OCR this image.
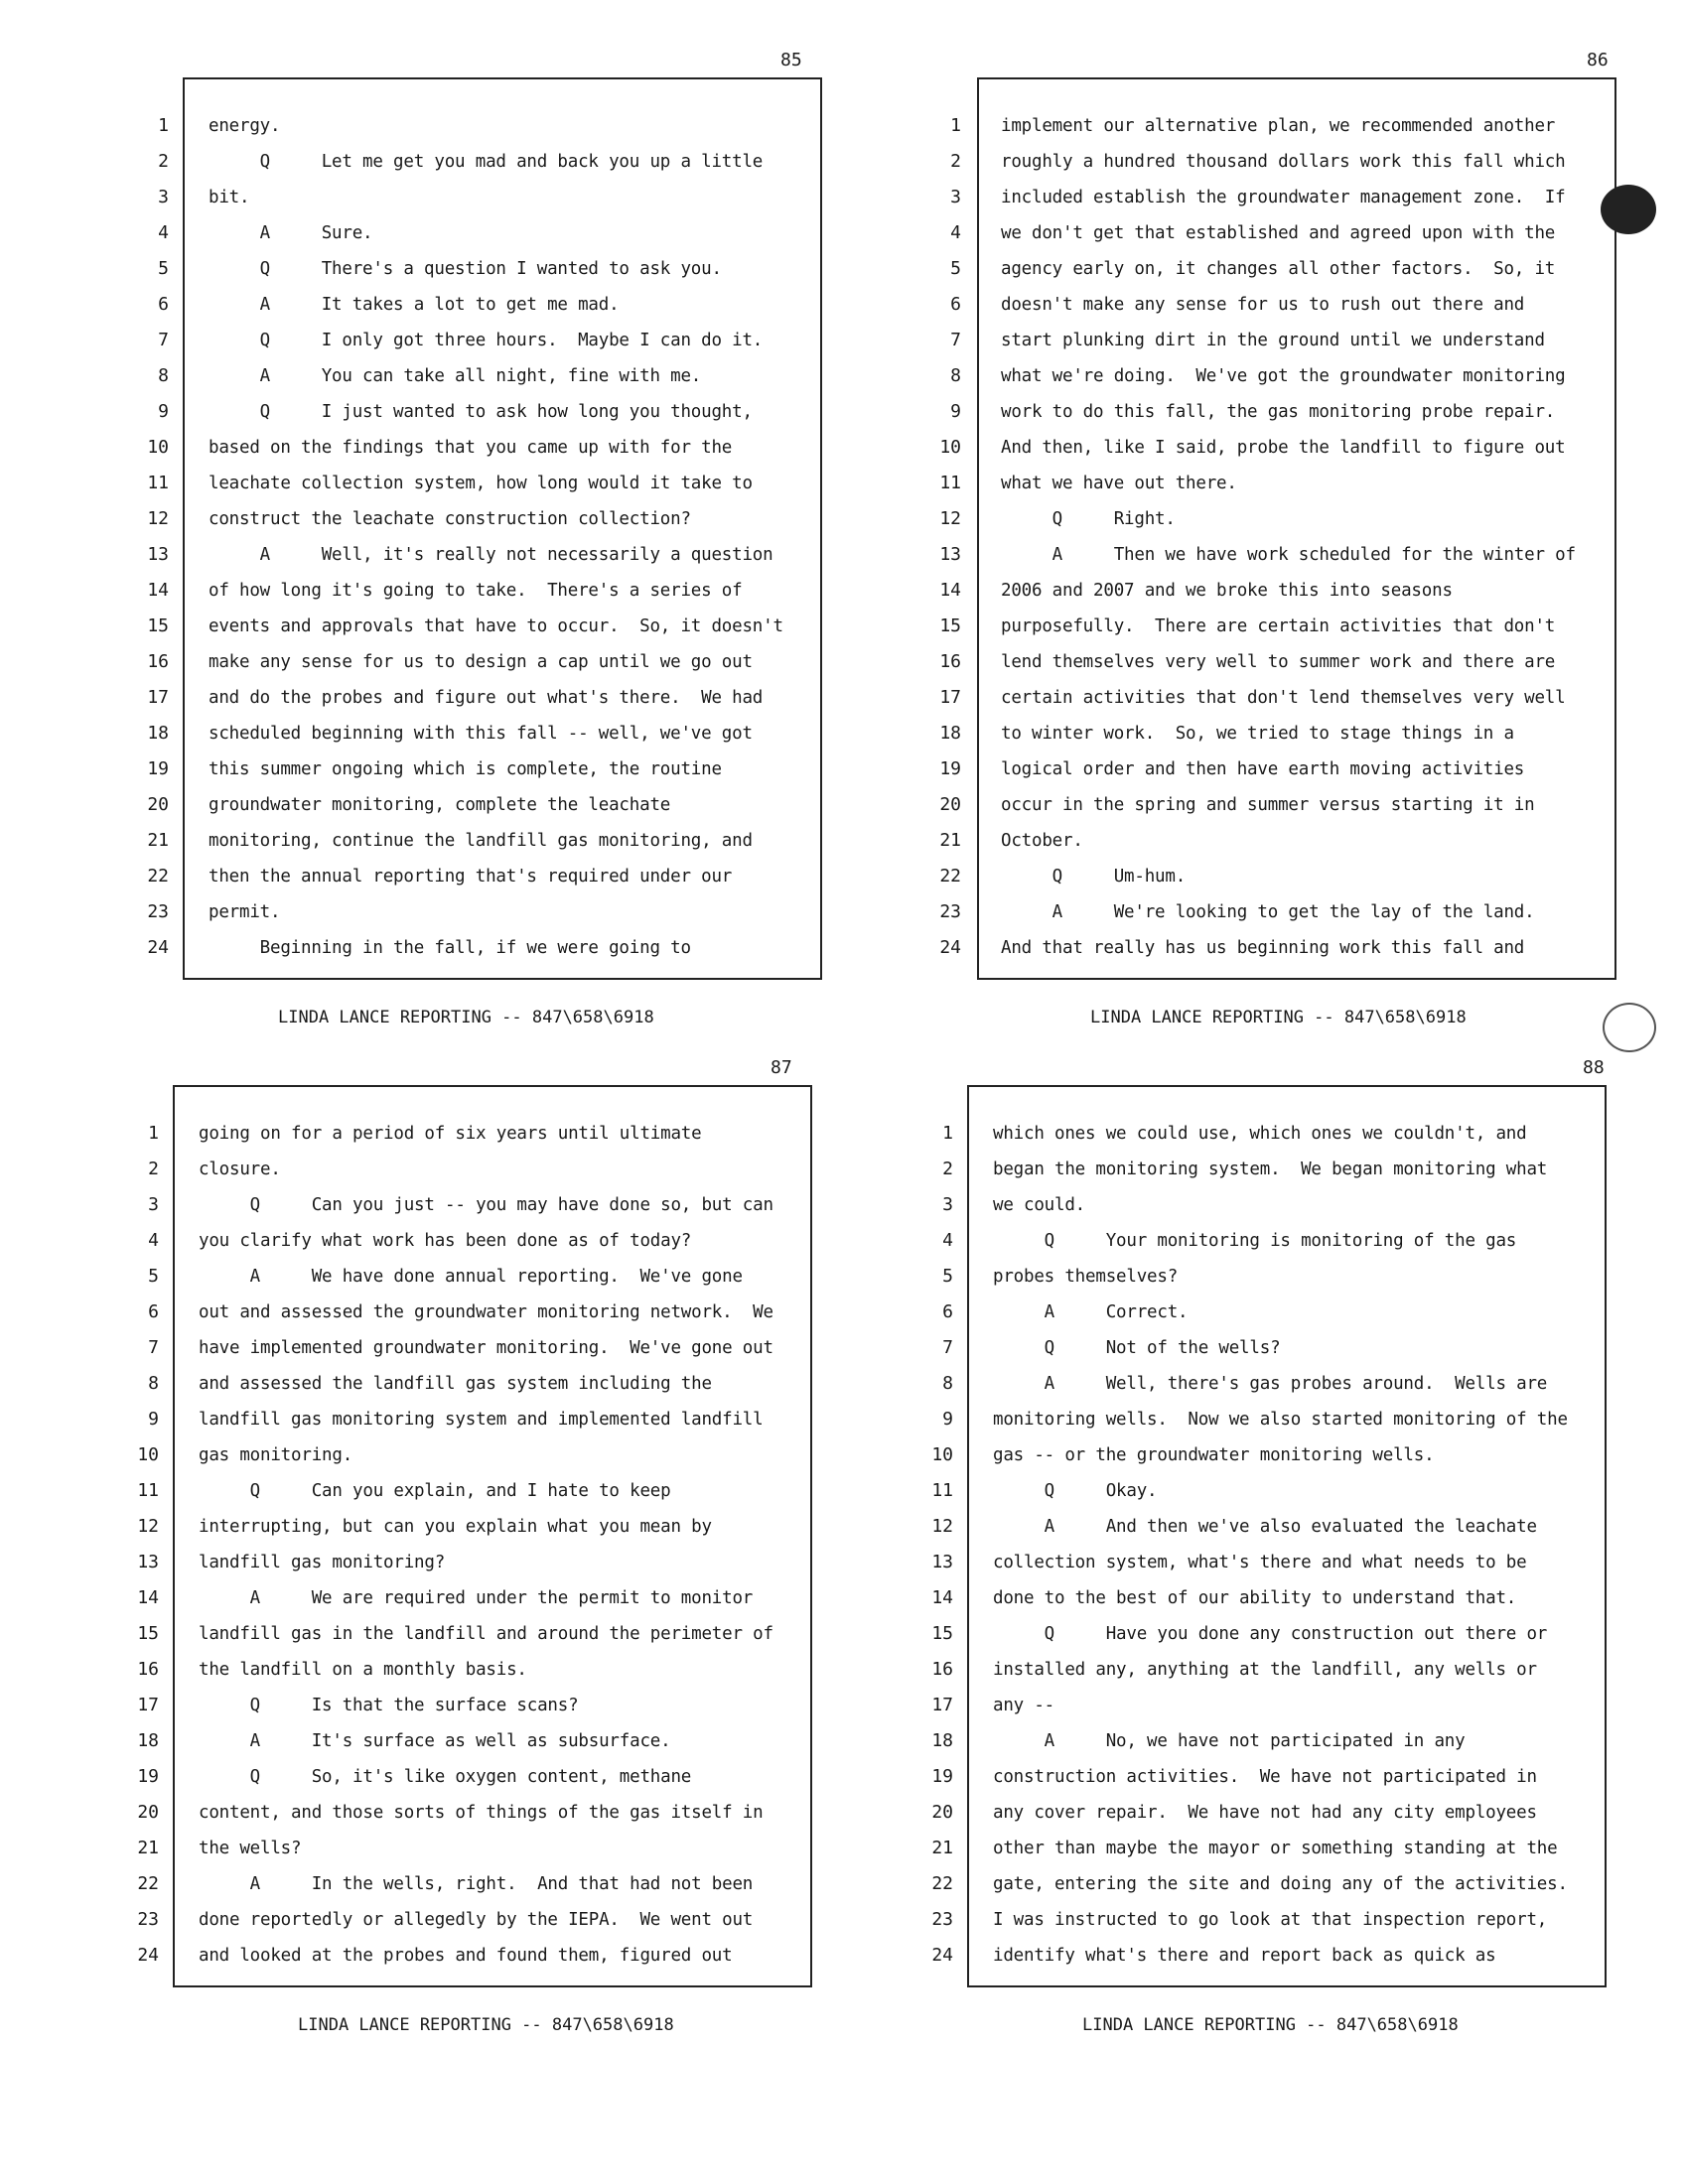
85
1 energy.
2 Q     Let me get you mad and back you up a little
3 bit.
4 A     Sure.
5 Q     There's a question I wanted to ask you.
6 A     It takes a lot to get me mad.
7 Q     I only got three hours.  Maybe I can do it.
8 A     You can take all night, fine with me.
9 Q     I just wanted to ask how long you thought,
10 based on the findings that you came up with for the
11 leachate collection system, how long would it take to
12 construct the leachate construction collection?
13 A     Well, it's really not necessarily a question
14 of how long it's going to take.  There's a series of
15 events and approvals that have to occur.  So, it doesn't
16 make any sense for us to design a cap until we go out
17 and do the probes and figure out what's there.  We had
18 scheduled beginning with this fall -- well, we've got
19 this summer ongoing which is complete, the routine
20 groundwater monitoring, complete the leachate
21 monitoring, continue the landfill gas monitoring, and
22 then the annual reporting that's required under our
23 permit.
24 Beginning in the fall, if we were going to
LINDA LANCE REPORTING -- 847\658\6918
86
1 implement our alternative plan, we recommended another
2 roughly a hundred thousand dollars work this fall which
3 included establish the groundwater management zone.  If
4 we don't get that established and agreed upon with the
5 agency early on, it changes all other factors.  So, it
6 doesn't make any sense for us to rush out there and
7 start plunking dirt in the ground until we understand
8 what we're doing.  We've got the groundwater monitoring
9 work to do this fall, the gas monitoring probe repair.
10 And then, like I said, probe the landfill to figure out
11 what we have out there.
12 Q     Right.
13 A     Then we have work scheduled for the winter of
14 2006 and 2007 and we broke this into seasons
15 purposefully.  There are certain activities that don't
16 lend themselves very well to summer work and there are
17 certain activities that don't lend themselves very well
18 to winter work.  So, we tried to stage things in a
19 logical order and then have earth moving activities
20 occur in the spring and summer versus starting it in
21 October.
22 Q     Um-hum.
23 A     We're looking to get the lay of the land.
24 And that really has us beginning work this fall and
LINDA LANCE REPORTING -- 847\658\6918
87
1 going on for a period of six years until ultimate
2 closure.
3 Q     Can you just -- you may have done so, but can
4 you clarify what work has been done as of today?
5 A     We have done annual reporting.  We've gone
6 out and assessed the groundwater monitoring network.  We
7 have implemented groundwater monitoring.  We've gone out
8 and assessed the landfill gas system including the
9 landfill gas monitoring system and implemented landfill
10 gas monitoring.
11 Q     Can you explain, and I hate to keep
12 interrupting, but can you explain what you mean by
13 landfill gas monitoring?
14 A     We are required under the permit to monitor
15 landfill gas in the landfill and around the perimeter of
16 the landfill on a monthly basis.
17 Q     Is that the surface scans?
18 A     It's surface as well as subsurface.
19 Q     So, it's like oxygen content, methane
20 content, and those sorts of things of the gas itself in
21 the wells?
22 A     In the wells, right.  And that had not been
23 done reportedly or allegedly by the IEPA.  We went out
24 and looked at the probes and found them, figured out
LINDA LANCE REPORTING -- 847\658\6918
88
1 which ones we could use, which ones we couldn't, and
2 began the monitoring system.  We began monitoring what
3 we could.
4 Q     Your monitoring is monitoring of the gas
5 probes themselves?
6 A     Correct.
7 Q     Not of the wells?
8 A     Well, there's gas probes around.  Wells are
9 monitoring wells.  Now we also started monitoring of the
10 gas -- or the groundwater monitoring wells.
11 Q     Okay.
12 A     And then we've also evaluated the leachate
13 collection system, what's there and what needs to be
14 done to the best of our ability to understand that.
15 Q     Have you done any construction out there or
16 installed any, anything at the landfill, any wells or
17 any --
18 A     No, we have not participated in any
19 construction activities.  We have not participated in
20 any cover repair.  We have not had any city employees
21 other than maybe the mayor or something standing at the
22 gate, entering the site and doing any of the activities.
23 I was instructed to go look at that inspection report,
24 identify what's there and report back as quick as
LINDA LANCE REPORTING -- 847\658\6918
